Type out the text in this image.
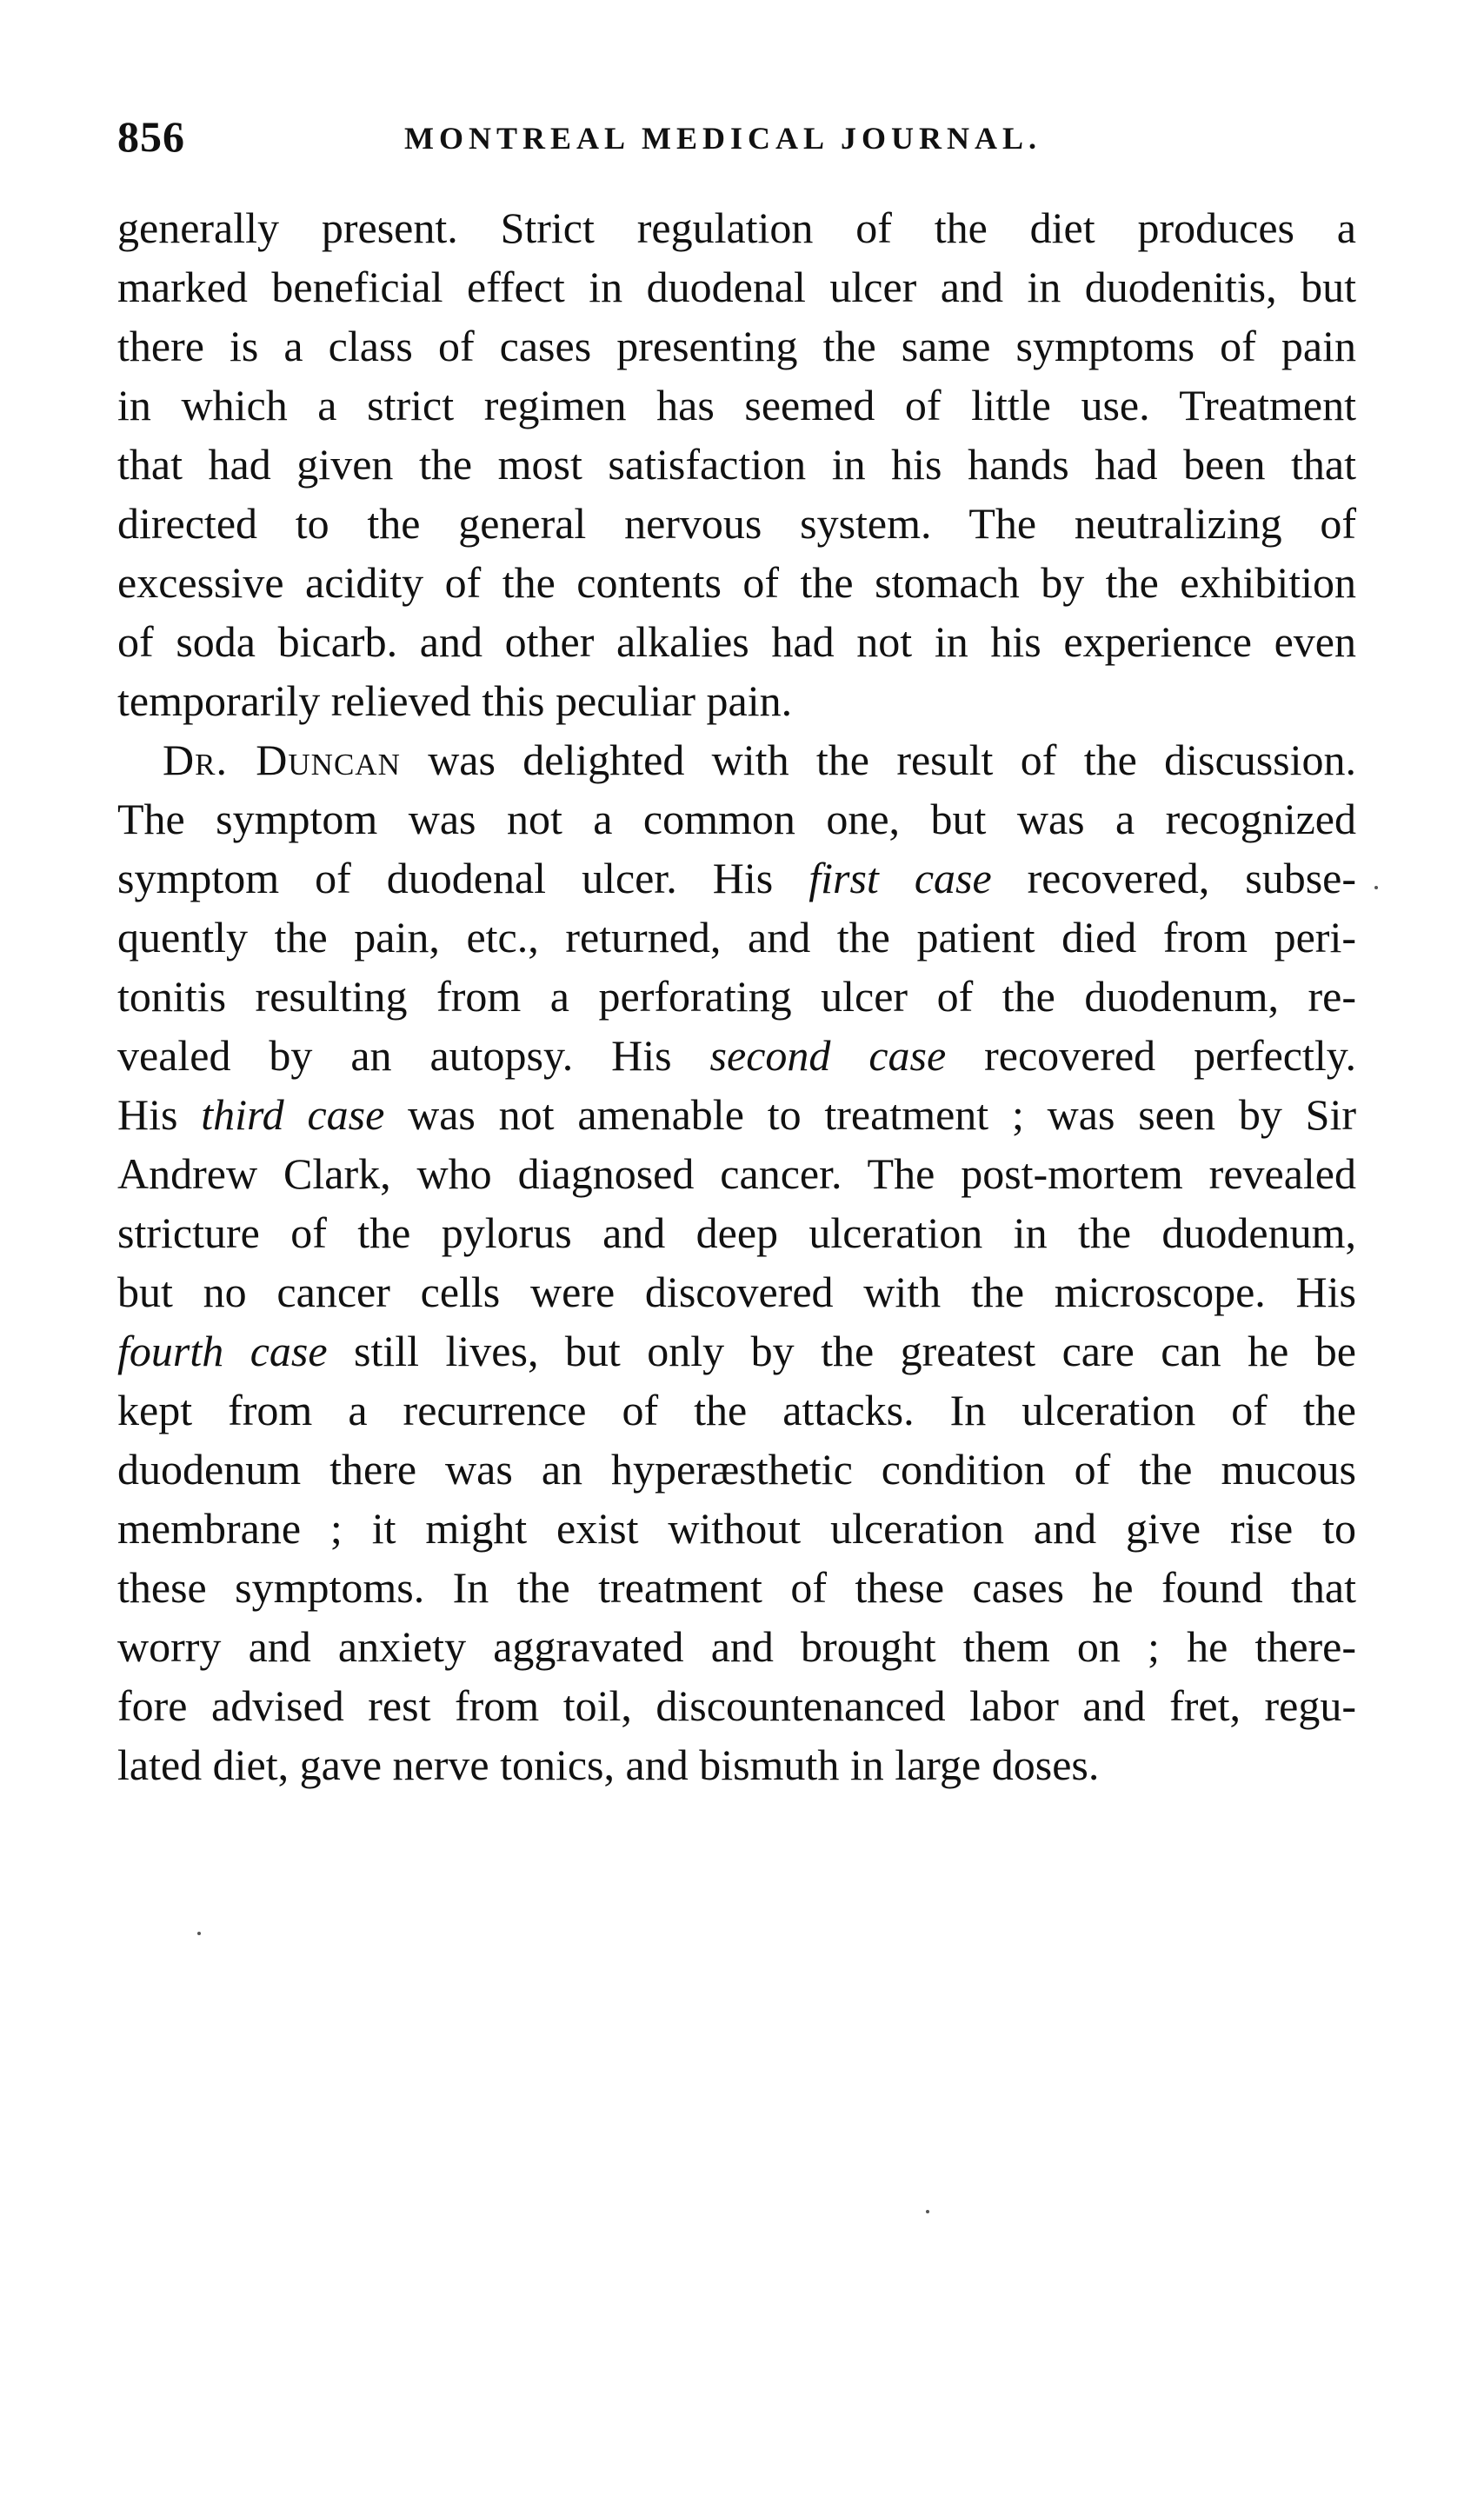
856	MONTREAL MEDICAL JOURNAL.
generally present. Strict regulation of the diet produces a
marked beneficial effect in duodenal ulcer and in duodenitis, but
there is a class of cases presenting the same symptoms of pain
in which a strict regimen has seemed of little use. Treatment
that had given the most satisfaction in his hands had been that
directed to the general nervous system. The neutralizing of
excessive acidity of the contents of the stomach by the exhibition
of soda bicarb. and other alkalies had not in his experience even
temporarily relieved this peculiar pain.
Dr. Duncan was delighted with the result of the discussion.
The symptom was not a common one, but was a recognized
symptom of duodenal ulcer. His first case recovered, subse-
quently the pain, etc., returned, and the patient died from peri-
tonitis resulting from a perforating ulcer of the duodenum, re-
vealed by an autopsy. His second case recovered perfectly.
His third case was not amenable to treatment ; was seen by Sir
Andrew Clark, who diagnosed cancer. The post-mortem revealed
stricture of the pylorus and deep ulceration in the duodenum,
but no cancer cells were discovered with the microscope. His
fourth case still lives, but only by the greatest care can he be
kept from a recurrence of the attacks. In ulceration of the
duodenum there was an hyperæsthetic condition of the mucous
membrane ; it might exist without ulceration and give rise to
these symptoms. In the treatment of these cases he found that
worry and anxiety aggravated and brought them on ; he there-
fore advised rest from toil, discountenanced labor and fret, regu-
lated diet, gave nerve tonics, and bismuth in large doses.
